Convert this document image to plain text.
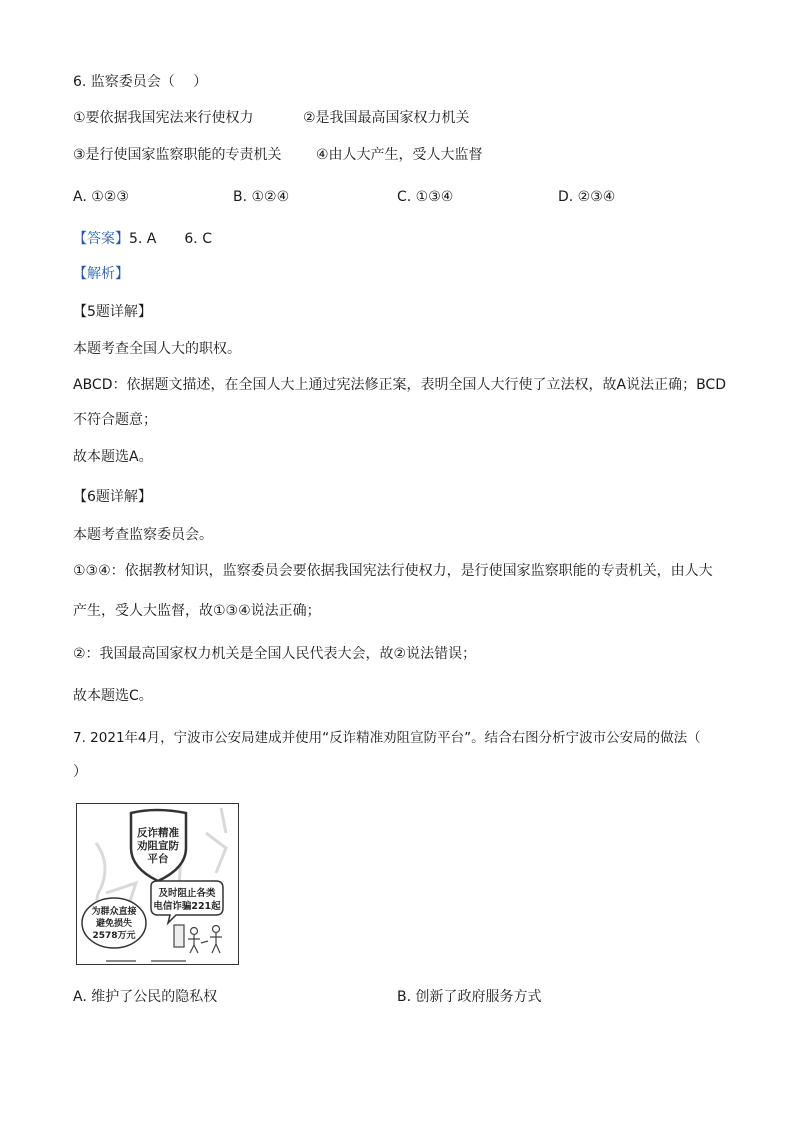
6. 监察委员会（　 ）
①要依据我国宪法来行使权力	②是我国最高国家权力机关
③是行使国家监察职能的专责机关 ④由人大产生，受人大监督
A. ①②③	B. ①②④	C. ①③④	D. ②③④
【答案】5. A　　6. C
【解析】
【5题详解】
本题考查全国人大的职权。
ABCD：依据题文描述，在全国人大上通过宪法修正案，表明全国人大行使了立法权，故A说法正确；BCD
不符合题意；
故本题选A。
【6题详解】
本题考查监察委员会。
①③④：依据教材知识，监察委员会要依据我国宪法行使权力，是行使国家监察职能的专责机关，由人大
产生，受人大监督，故①③④说法正确；
②：我国最高国家权力机关是全国人民代表大会，故②说法错误；
故本题选C。
7. 2021年4月，宁波市公安局建成并使用“反诈精准劝阻宣防平台”。结合右图分析宁波市公安局的做法（
）
反诈精准
劝阻宣防
平台
及时阻止各类
电信诈骗221起
为群众直接
避免损失
2578万元
A. 维护了公民的隐私权	B. 创新了政府服务方式
